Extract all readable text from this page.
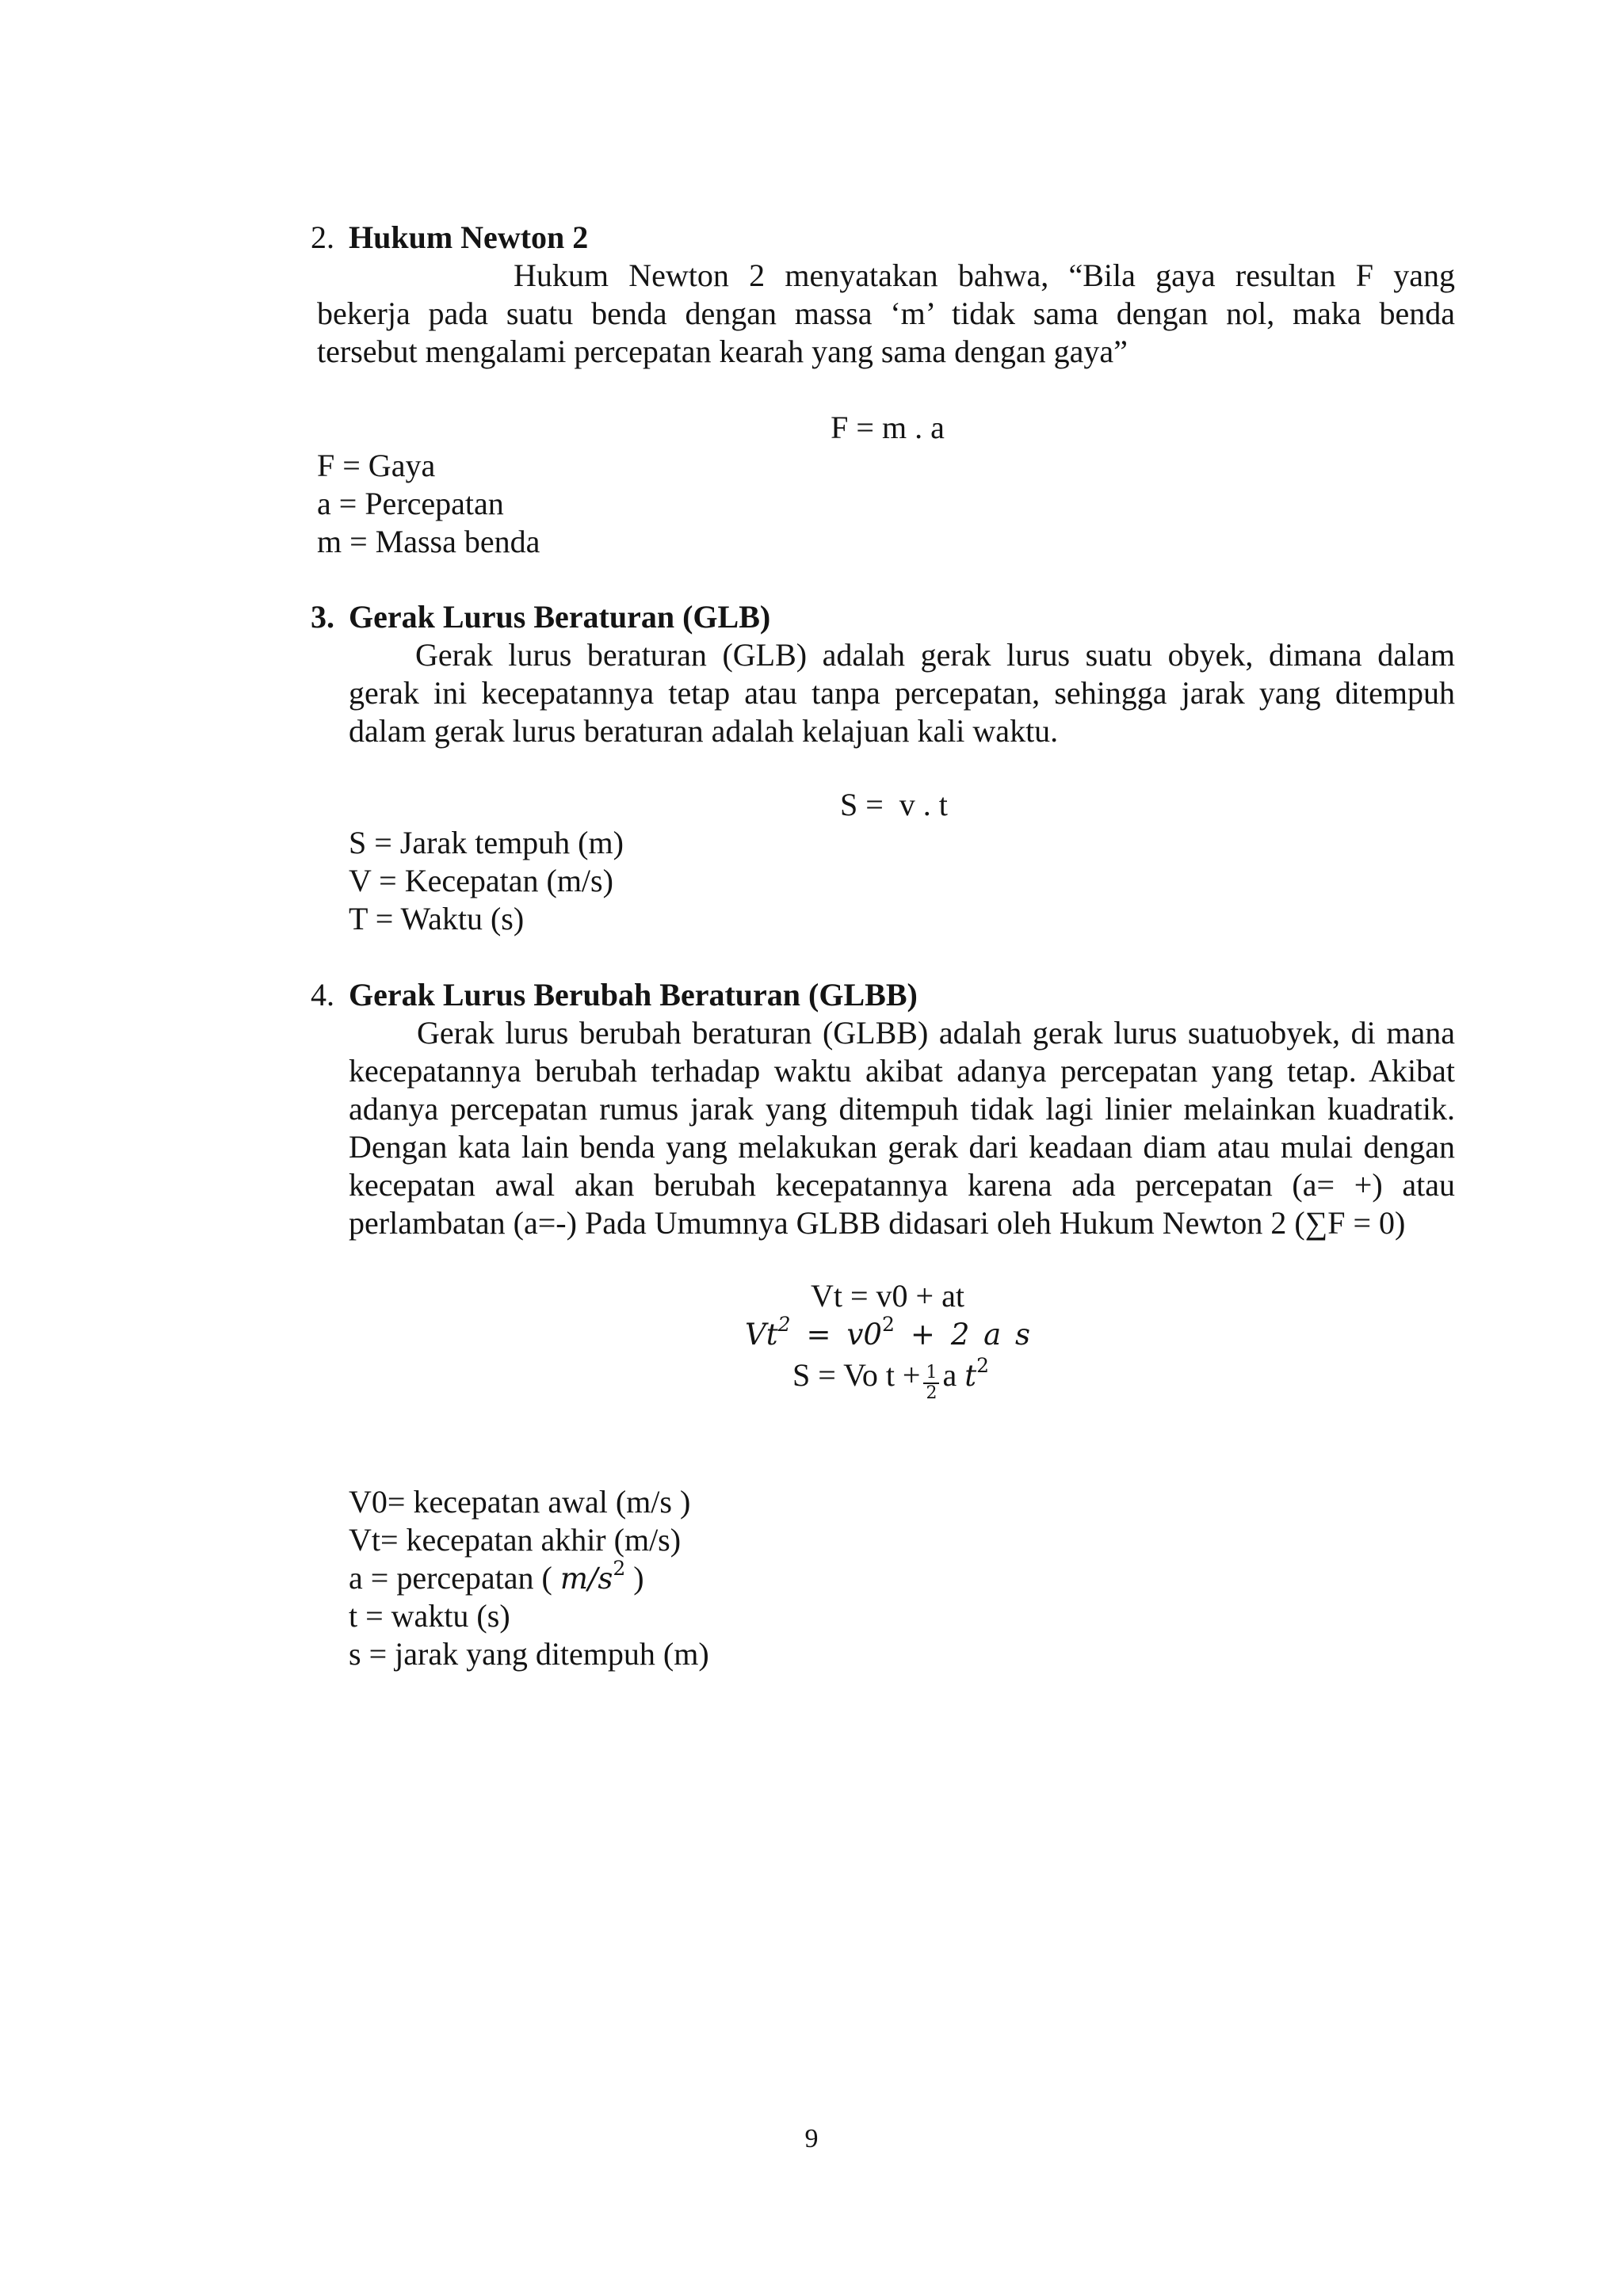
2. Hukum Newton 2
Hukum Newton 2 menyatakan bahwa, “Bila gaya resultan F yang
bekerja pada suatu benda dengan massa ‘m’ tidak sama dengan nol, maka benda
tersebut mengalami percepatan kearah yang sama dengan gaya”
F = m . a
F = Gaya
a = Percepatan
m = Massa benda
3. Gerak Lurus Beraturan (GLB)
Gerak lurus beraturan (GLB) adalah gerak lurus suatu obyek, dimana dalam
gerak ini kecepatannya tetap atau tanpa percepatan, sehingga jarak yang ditempuh
dalam gerak lurus beraturan adalah kelajuan kali waktu.
S =  v . t
S = Jarak tempuh (m)
V = Kecepatan (m/s)
T = Waktu (s)
4. Gerak Lurus Berubah Beraturan (GLBB)
Gerak lurus berubah beraturan (GLBB) adalah gerak lurus suatuobyek, di mana
kecepatannya berubah terhadap waktu akibat adanya percepatan yang tetap. Akibat
adanya percepatan rumus jarak yang ditempuh tidak lagi linier melainkan kuadratik.
Dengan kata lain benda yang melakukan gerak dari keadaan diam atau mulai dengan
kecepatan awal akan berubah kecepatannya karena ada percepatan (a= +) atau
perlambatan (a=-) Pada Umumnya GLBB didasari oleh Hukum Newton 2 (∑F = 0)
Vt = v0 + at
$Vt^2 = v0^2 + 2$ a s
S = Vo $t + \frac{1}{2}$ a $t^2$
V0= kecepatan awal (m/s )
Vt= kecepatan akhir (m/s)
a = percepatan ( $m/s^2$ )
t = waktu (s)
s = jarak yang ditempuh (m)
9
